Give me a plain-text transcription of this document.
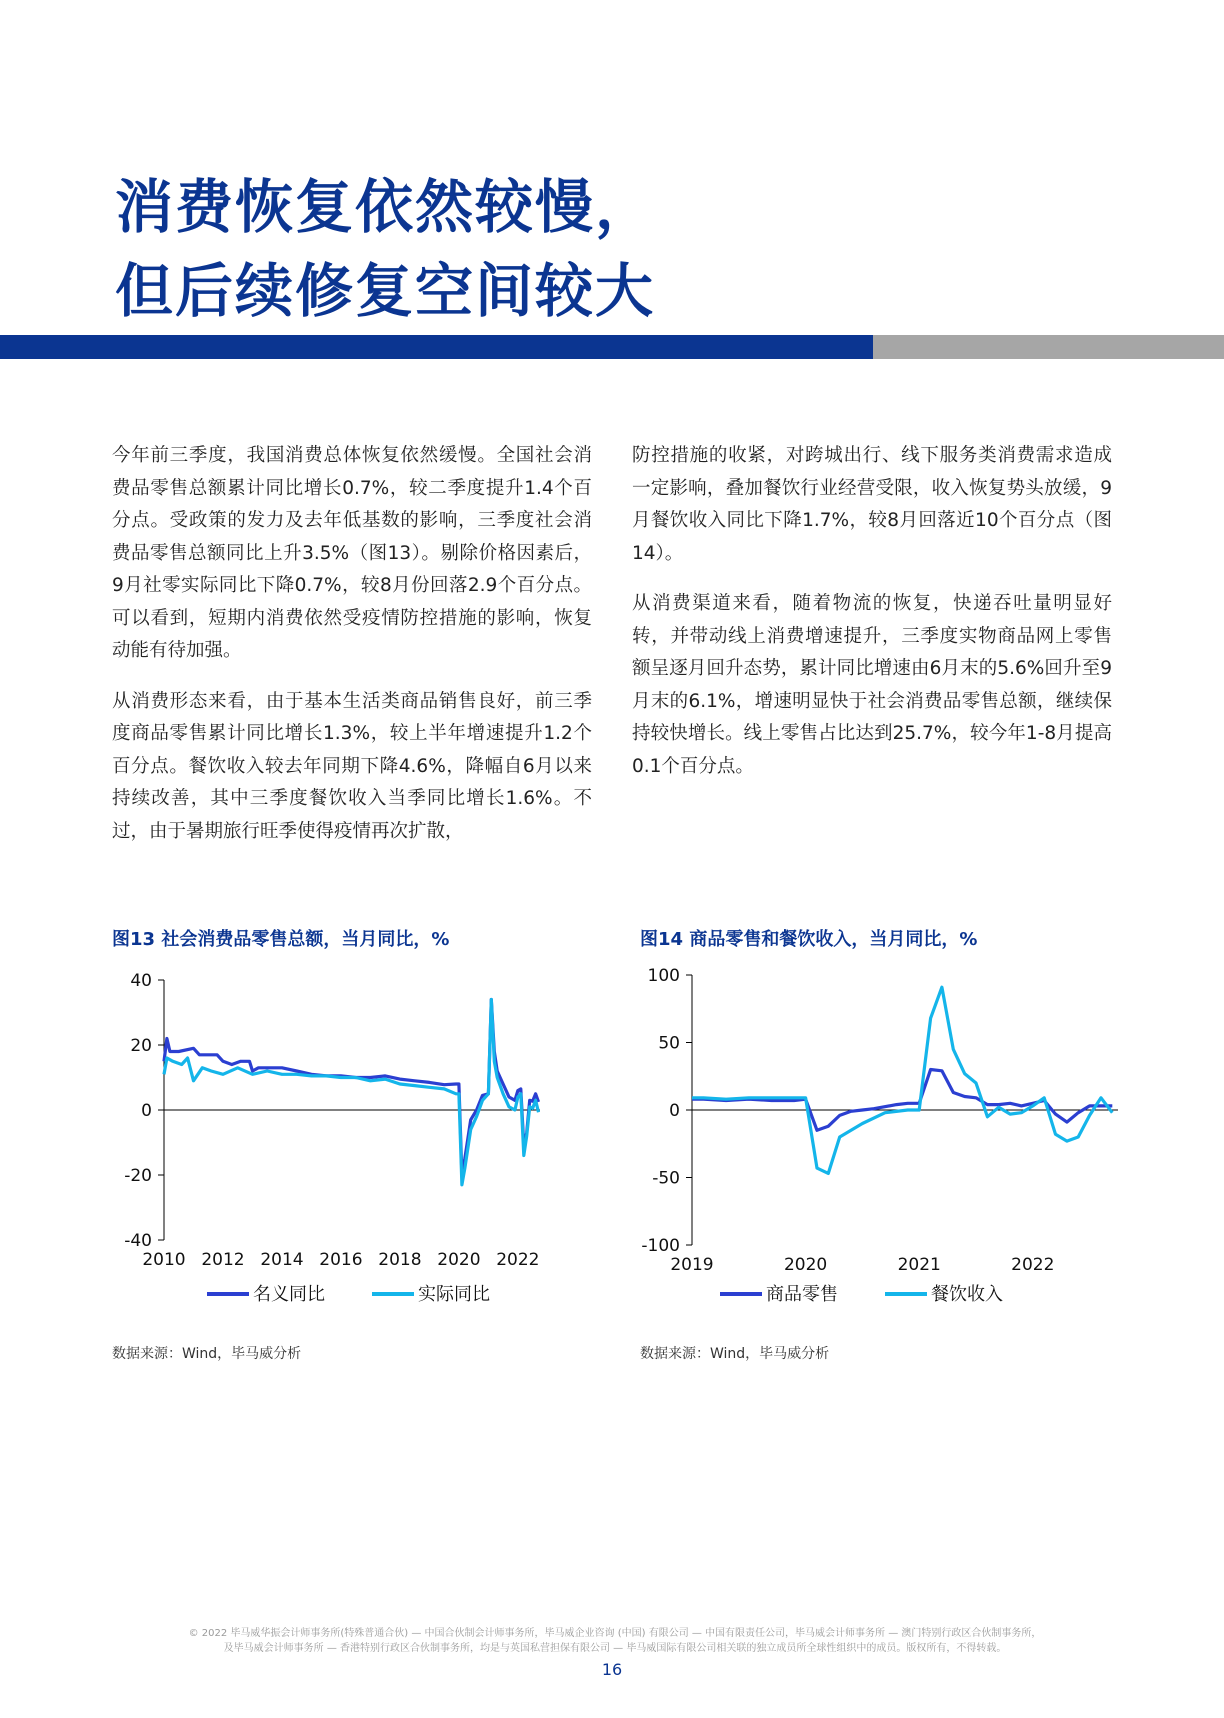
消费恢复依然较慢，
但后续修复空间较大

今年前三季度，我国消费总体恢复依然缓慢。全国社会消费品零售总额累计同比增长0.7%，较二季度提升1.4个百分点。受政策的发力及去年低基数的影响，三季度社会消费品零售总额同比上升3.5%（图13）。剔除价格因素后，9月社零实际同比下降0.7%，较8月份回落2.9个百分点。可以看到，短期内消费依然受疫情防控措施的影响，恢复动能有待加强。

从消费形态来看，由于基本生活类商品销售良好，前三季度商品零售累计同比增长1.3%，较上半年增速提升1.2个百分点。餐饮收入较去年同期下降4.6%，降幅自6月以来持续改善，其中三季度餐饮收入当季同比增长1.6%。不过，由于暑期旅行旺季使得疫情再次扩散，

防控措施的收紧，对跨城出行、线下服务类消费需求造成一定影响，叠加餐饮行业经营受限，收入恢复势头放缓，9月餐饮收入同比下降1.7%，较8月回落近10个百分点（图14）。

从消费渠道来看，随着物流的恢复，快递吞吐量明显好转，并带动线上消费增速提升，三季度实物商品网上零售额呈逐月回升态势，累计同比增速由6月末的5.6%回升至9月末的6.1%，增速明显快于社会消费品零售总额，继续保持较快增长。线上零售占比达到25.7%，较今年1-8月提高0.1个百分点。

图13 社会消费品零售总额，当月同比，%	图14 商品零售和餐饮收入，当月同比，%
40
20
0
-20
-40
2010 2012 2014 2016 2018 2020 2022
名义同比	实际同比
100
50
0
-50
-100
2019	2020	2021	2022
商品零售	餐饮收入
数据来源：Wind，毕马威分析	数据来源：Wind，毕马威分析
© 2022 毕马威华振会计师事务所(特殊普通合伙) — 中国合伙制会计师事务所，毕马威企业咨询 (中国) 有限公司 — 中国有限责任公司，毕马威会计师事务所 — 澳门特别行政区合伙制事务所，
及毕马威会计师事务所 — 香港特别行政区合伙制事务所，均是与英国私营担保有限公司 — 毕马威国际有限公司相关联的独立成员所全球性组织中的成员。版权所有，不得转载。
16
